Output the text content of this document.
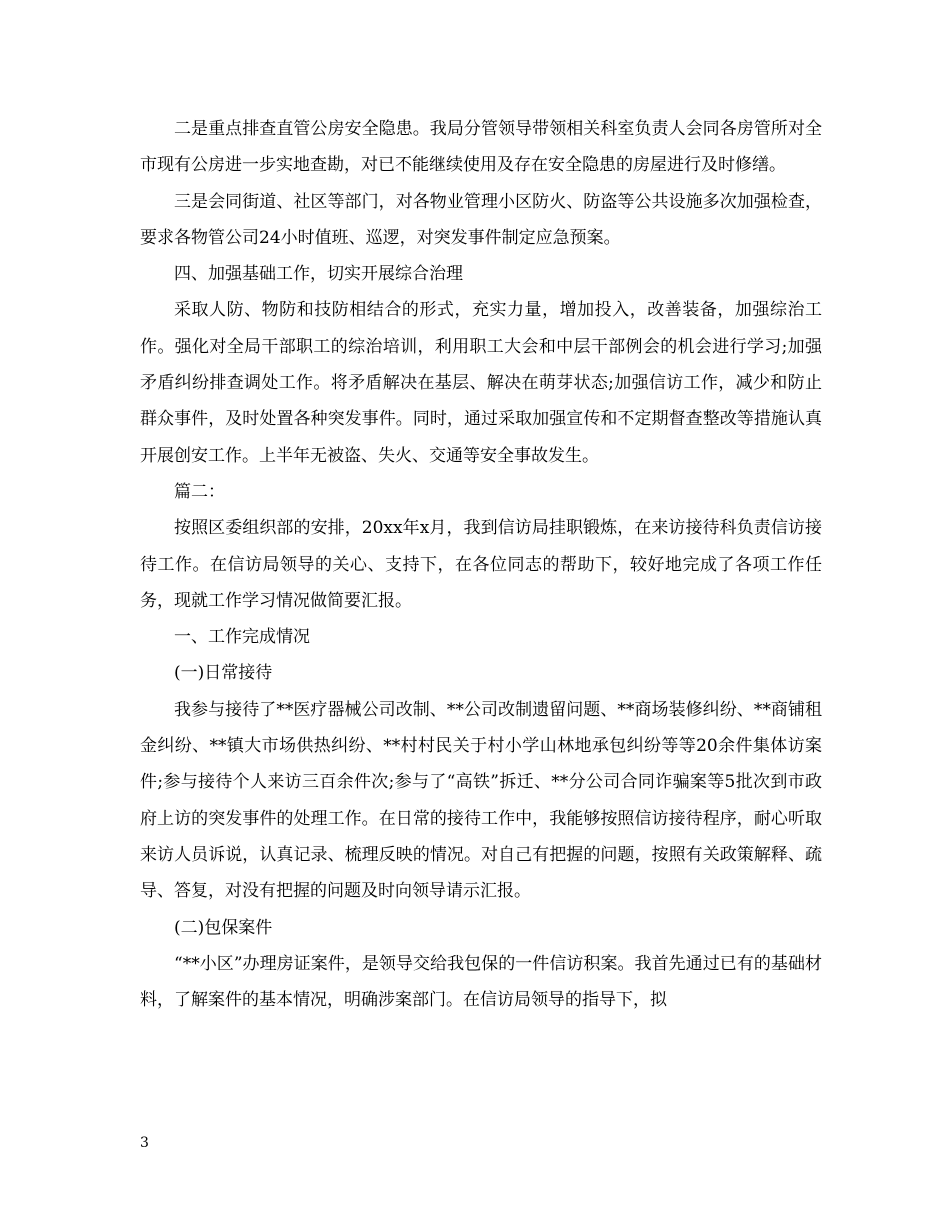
二是重点排查直管公房安全隐患。我局分管领导带领相关科室负责人会同各房管所对全市现有公房进一步实地查勘，对已不能继续使用及存在安全隐患的房屋进行及时修缮。

三是会同街道、社区等部门，对各物业管理小区防火、防盗等公共设施多次加强检查，要求各物管公司24小时值班、巡逻，对突发事件制定应急预案。

四、加强基础工作，切实开展综合治理

采取人防、物防和技防相结合的形式，充实力量，增加投入，改善装备，加强综治工作。强化对全局干部职工的综治培训，利用职工大会和中层干部例会的机会进行学习;加强矛盾纠纷排查调处工作。将矛盾解决在基层、解决在萌芽状态;加强信访工作，减少和防止群众事件，及时处置各种突发事件。同时，通过采取加强宣传和不定期督查整改等措施认真开展创安工作。上半年无被盗、失火、交通等安全事故发生。

篇二：

按照区委组织部的安排，20xx年x月，我到信访局挂职锻炼，在来访接待科负责信访接待工作。在信访局领导的关心、支持下，在各位同志的帮助下，较好地完成了各项工作任务，现就工作学习情况做简要汇报。

一、工作完成情况

(一)日常接待

我参与接待了**医疗器械公司改制、**公司改制遗留问题、**商场装修纠纷、**商铺租金纠纷、**镇大市场供热纠纷、**村村民关于村小学山林地承包纠纷等等20余件集体访案件;参与接待个人来访三百余件次;参与了“高铁”拆迁、**分公司合同诈骗案等5批次到市政府上访的突发事件的处理工作。在日常的接待工作中，我能够按照信访接待程序，耐心听取来访人员诉说，认真记录、梳理反映的情况。对自己有把握的问题，按照有关政策解释、疏导、答复，对没有把握的问题及时向领导请示汇报。

(二)包保案件

“**小区”办理房证案件，是领导交给我包保的一件信访积案。我首先通过已有的基础材料，了解案件的基本情况，明确涉案部门。在信访局领导的指导下，拟

3
